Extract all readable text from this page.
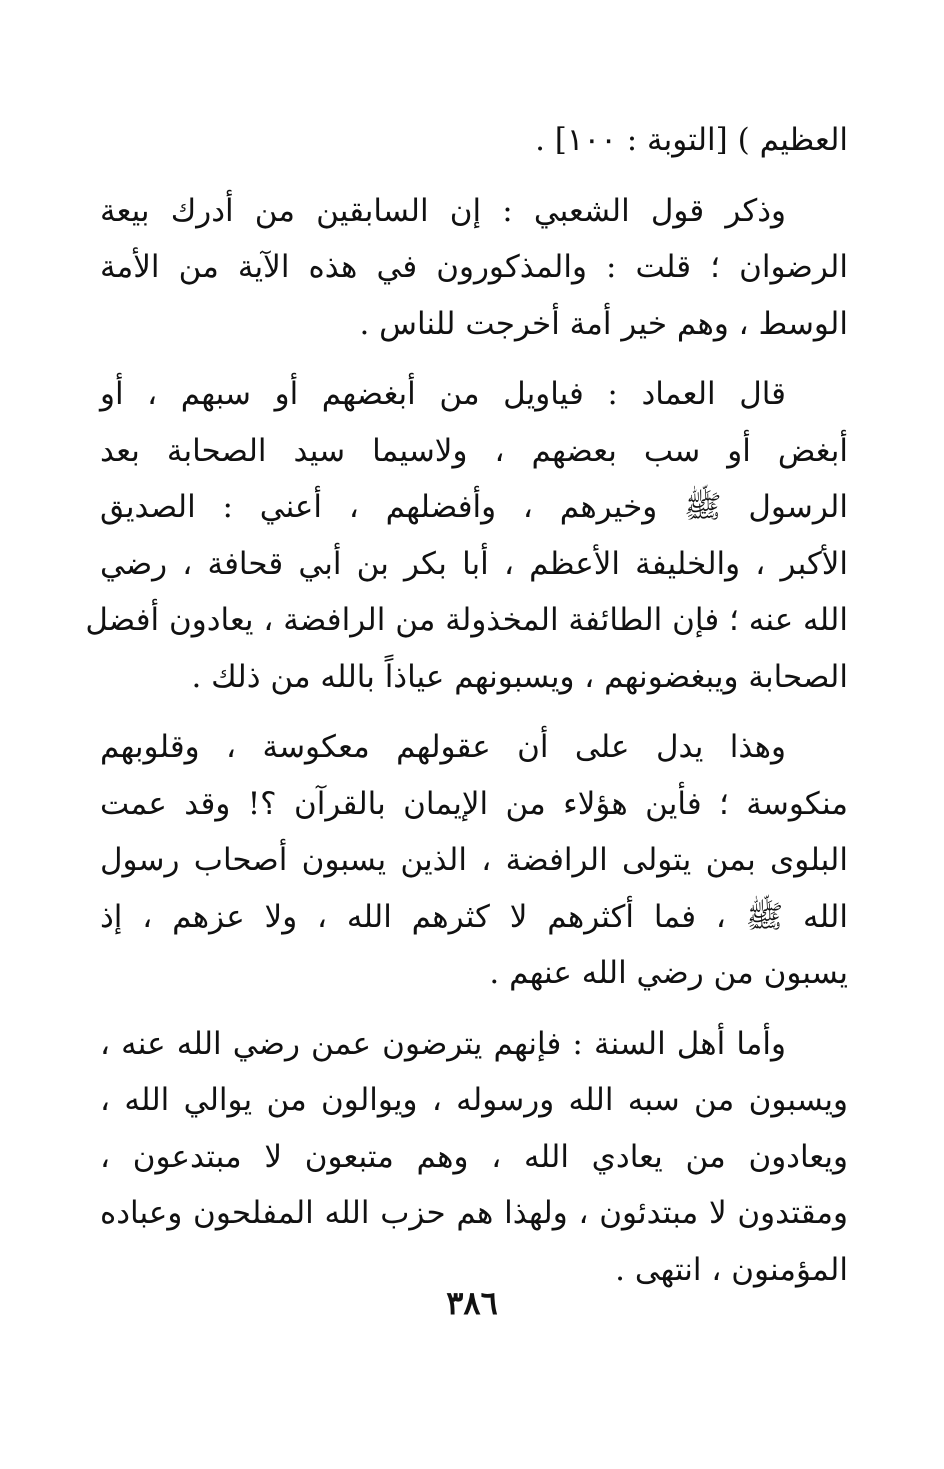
العظيم ) [التوبة : ١٠٠] .

وذكر قول الشعبي : إن السابقين من أدرك بيعة
الرضوان ؛ قلت : والمذكورون في هذه الآية من الأمة
الوسط ، وهم خير أمة أخرجت للناس .

قال العماد : فياويل من أبغضهم أو سبهم ، أو
أبغض أو سب بعضهم ، ولاسيما سيد الصحابة بعد
الرسول ﷺ وخيرهم ، وأفضلهم ، أعني : الصديق
الأكبر ، والخليفة الأعظم ، أبا بكر بن أبي قحافة ، رضي
الله عنه ؛ فإن الطائفة المخذولة من الرافضة ، يعادون أفضل
الصحابة ويبغضونهم ، ويسبونهم عياذاً بالله من ذلك .

وهذا يدل على أن عقولهم معكوسة ، وقلوبهم
منكوسة ؛ فأين هؤلاء من الإيمان بالقرآن ؟! وقد عمت
البلوى بمن يتولى الرافضة ، الذين يسبون أصحاب رسول
الله ﷺ ، فما أكثرهم لا كثرهم الله ، ولا عزهم ، إذ
يسبون من رضي الله عنهم .

وأما أهل السنة : فإنهم يترضون عمن رضي الله عنه ،
ويسبون من سبه الله ورسوله ، ويوالون من يوالي الله ،
ويعادون من يعادي الله ، وهم متبعون لا مبتدعون ،
ومقتدون لا مبتدئون ، ولهذا هم حزب الله المفلحون وعباده
المؤمنون ، انتهى .

٣٨٦
